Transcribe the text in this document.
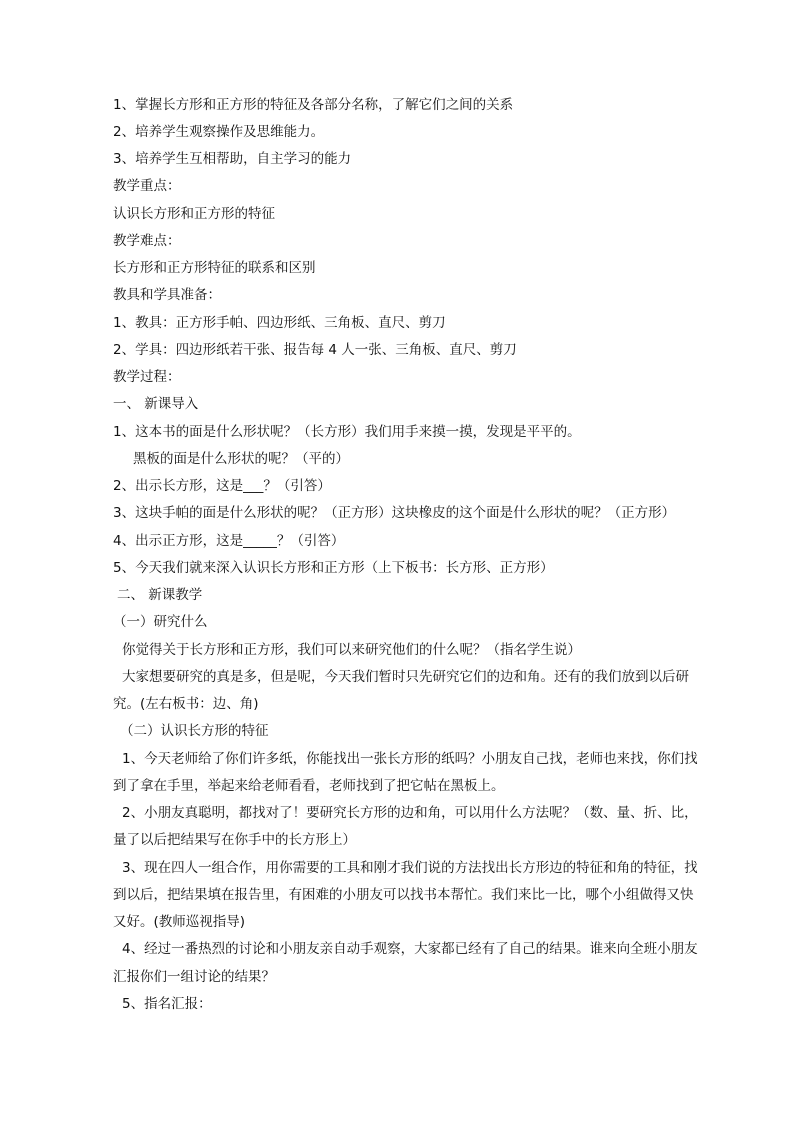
1、掌握长方形和正方形的特征及各部分名称，了解它们之间的关系
2、培养学生观察操作及思维能力。
3、培养学生互相帮助，自主学习的能力
教学重点：
认识长方形和正方形的特征
教学难点：
长方形和正方形特征的联系和区别
教具和学具准备：
1、教具：正方形手帕、四边形纸、三角板、直尺、剪刀
2、学具：四边形纸若干张、报告每 4 人一张、三角板、直尺、剪刀
教学过程：
一、 新课导入
1、这本书的面是什么形状呢？（长方形）我们用手来摸一摸，发现是平平的。
黑板的面是什么形状的呢？（平的）
2、出示长方形，这是___？（引答）
3、这块手帕的面是什么形状的呢？（正方形）这块橡皮的这个面是什么形状的呢？（正方形）
4、出示正方形，这是_____？（引答）
5、今天我们就来深入认识长方形和正方形（上下板书：长方形、正方形）
二、 新课教学
（一）研究什么
你觉得关于长方形和正方形，我们可以来研究他们的什么呢？（指名学生说）
大家想要研究的真是多，但是呢，今天我们暂时只先研究它们的边和角。还有的我们放到以后研
究。(左右板书：边、角)
（二）认识长方形的特征
1、今天老师给了你们许多纸，你能找出一张长方形的纸吗？小朋友自己找，老师也来找，你们找
到了拿在手里，举起来给老师看看，老师找到了把它帖在黑板上。
2、小朋友真聪明，都找对了！要研究长方形的边和角，可以用什么方法呢？（数、量、折、比，
量了以后把结果写在你手中的长方形上）
3、现在四人一组合作，用你需要的工具和刚才我们说的方法找出长方形边的特征和角的特征，找
到以后，把结果填在报告里，有困难的小朋友可以找书本帮忙。我们来比一比，哪个小组做得又快
又好。(教师巡视指导)
4、经过一番热烈的讨论和小朋友亲自动手观察，大家都已经有了自己的结果。谁来向全班小朋友
汇报你们一组讨论的结果？
5、指名汇报：
